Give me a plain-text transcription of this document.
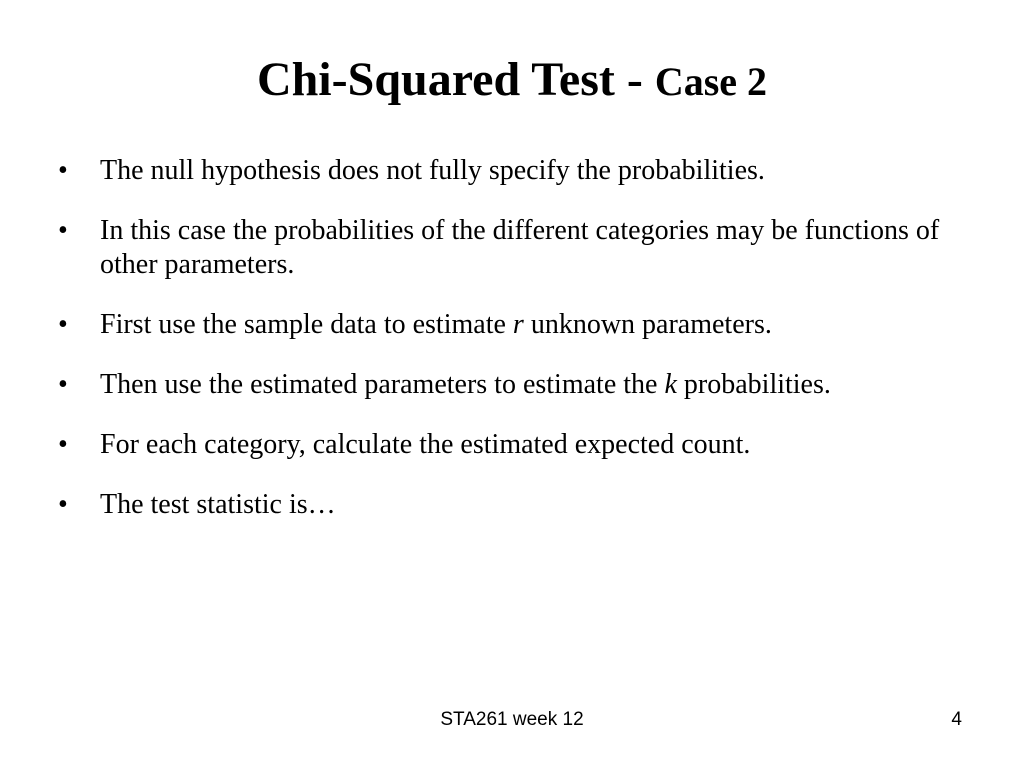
Chi-Squared Test - Case 2
•	The null hypothesis does not fully specify the probabilities.
•	In this case the probabilities of the different categories may be functions of other parameters.
•	First use the sample data to estimate r unknown parameters.
•	Then use the estimated parameters to estimate the k probabilities.
•	For each category, calculate the estimated expected count.
•	The test statistic is…
STA261 week 12	4
